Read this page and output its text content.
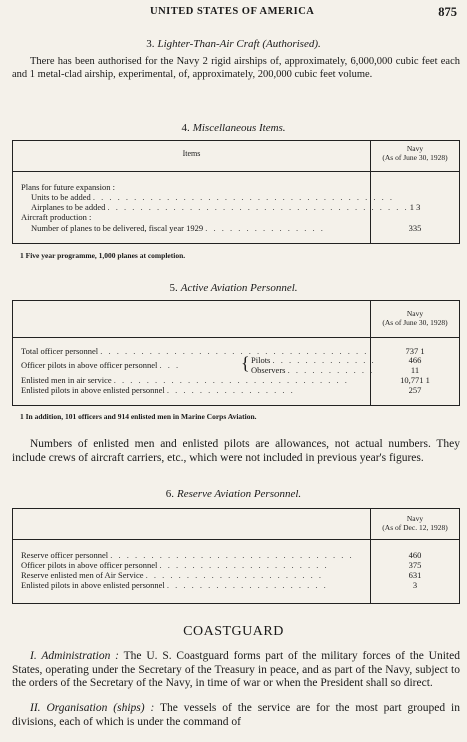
UNITED STATES OF AMERICA	875
3. Lighter-Than-Air Craft (Authorised).
There has been authorised for the Navy 2 rigid airships of, approximately, 6,000,000 cubic feet each and 1 metal-clad airship, experimental, of, approximately, 200,000 cubic feet volume.
4. Miscellaneous Items.
Items
Navy
(As of June 30, 1928)
Plans for future expansion :
Units to be added . . . . . . . . . . . . . . . . . . . . . . . . . . . . . . . . . . . . .
Airplanes to be added . . . . . . . . . . . . . . . . . . . . . . . . . . . . . . . . . . . . . 1 3
Aircraft production :
Number of planes to be delivered, fiscal year 1929 . . . . . . . . . . . . . . .	335
1 Five year programme, 1,000 planes at completion.
5. Active Aviation Personnel.
Navy
(As of June 30, 1928)
Total officer personnel . . . . . . . . . . . . . . . . . . . . . . . . . . . . . . . . .	737 1
Officer pilots in above officer personnel . . .	{ Pilots . . . . . . . . . . . . .	466
Observers . . . . . . . . . . .	11
Enlisted men in air service . . . . . . . . . . . . . . . . . . . . . . . . . . . . .	10,771 1
Enlisted pilots in above enlisted personnel . . . . . . . . . . . . . . . .	257
1 In addition, 101 officers and 914 enlisted men in Marine Corps Aviation.
Numbers of enlisted men and enlisted pilots are allowances, not actual numbers. They include crews of aircraft carriers, etc., which were not included in previous year's figures.
6. Reserve Aviation Personnel.
Navy
(As of Dec. 12, 1928)
Reserve officer personnel . . . . . . . . . . . . . . . . . . . . . . . . . . . . . .	460
Officer pilots in above officer personnel . . . . . . . . . . . . . . . . . . . . .	375
Reserve enlisted men of Air Service . . . . . . . . . . . . . . . . . . . . . .	631
Enlisted pilots in above enlisted personnel . . . . . . . . . . . . . . . . . . . .	3
COASTGUARD
I. Administration : The U. S. Coastguard forms part of the military forces of the United States, operating under the Secretary of the Treasury in peace, and as part of the Navy, subject to the orders of the Secretary of the Navy, in time of war or when the President shall so direct.
II. Organisation (ships) : The vessels of the service are for the most part grouped in divisions, each of which is under the command of
